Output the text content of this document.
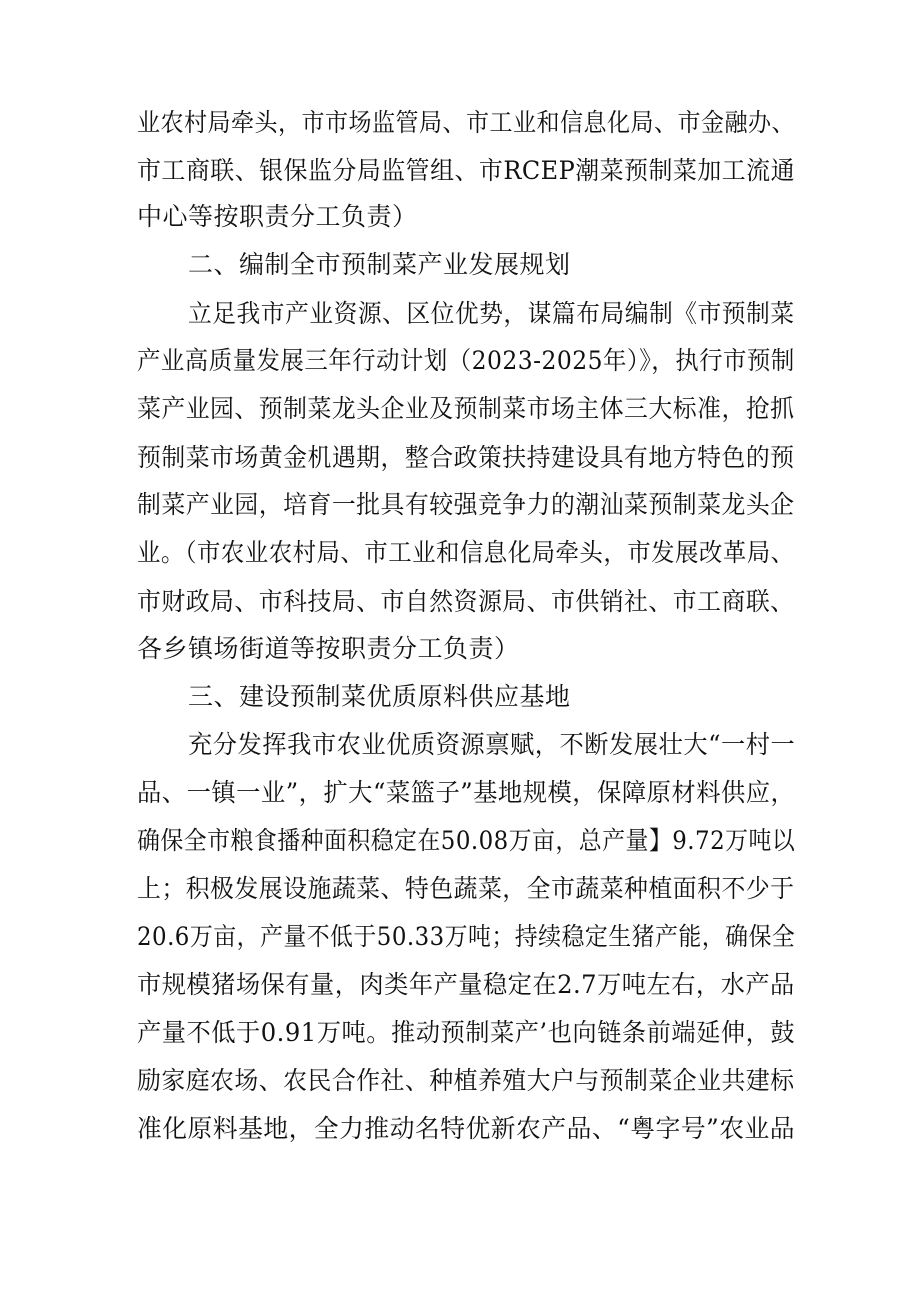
业农村局牵头，市市场监管局、市工业和信息化局、市金融办、
市工商联、银保监分局监管组、市RCEP潮菜预制菜加工流通
中心等按职责分工负责）
二、编制全市预制菜产业发展规划
立足我市产业资源、区位优势，谋篇布局编制《市预制菜
产业高质量发展三年行动计划（2023-2025年）》，执行市预制
菜产业园、预制菜龙头企业及预制菜市场主体三大标准，抢抓
预制菜市场黄金机遇期，整合政策扶持建设具有地方特色的预
制菜产业园，培育一批具有较强竞争力的潮汕菜预制菜龙头企
业。（市农业农村局、市工业和信息化局牵头，市发展改革局、
市财政局、市科技局、市自然资源局、市供销社、市工商联、
各乡镇场街道等按职责分工负责）
三、建设预制菜优质原料供应基地
充分发挥我市农业优质资源禀赋，不断发展壮大“一村一
品、一镇一业”，扩大“菜篮子”基地规模，保障原材料供应，
确保全市粮食播种面积稳定在50.08万亩，总产量】9.72万吨以
上；积极发展设施蔬菜、特色蔬菜，全市蔬菜种植面积不少于
20.6万亩，产量不低于50.33万吨；持续稳定生猪产能，确保全
市规模猪场保有量，肉类年产量稳定在2.7万吨左右，水产品
产量不低于0.91万吨。推动预制菜产’也向链条前端延伸，鼓
励家庭农场、农民合作社、种植养殖大户与预制菜企业共建标
准化原料基地，全力推动名特优新农产品、“粤字号”农业品
